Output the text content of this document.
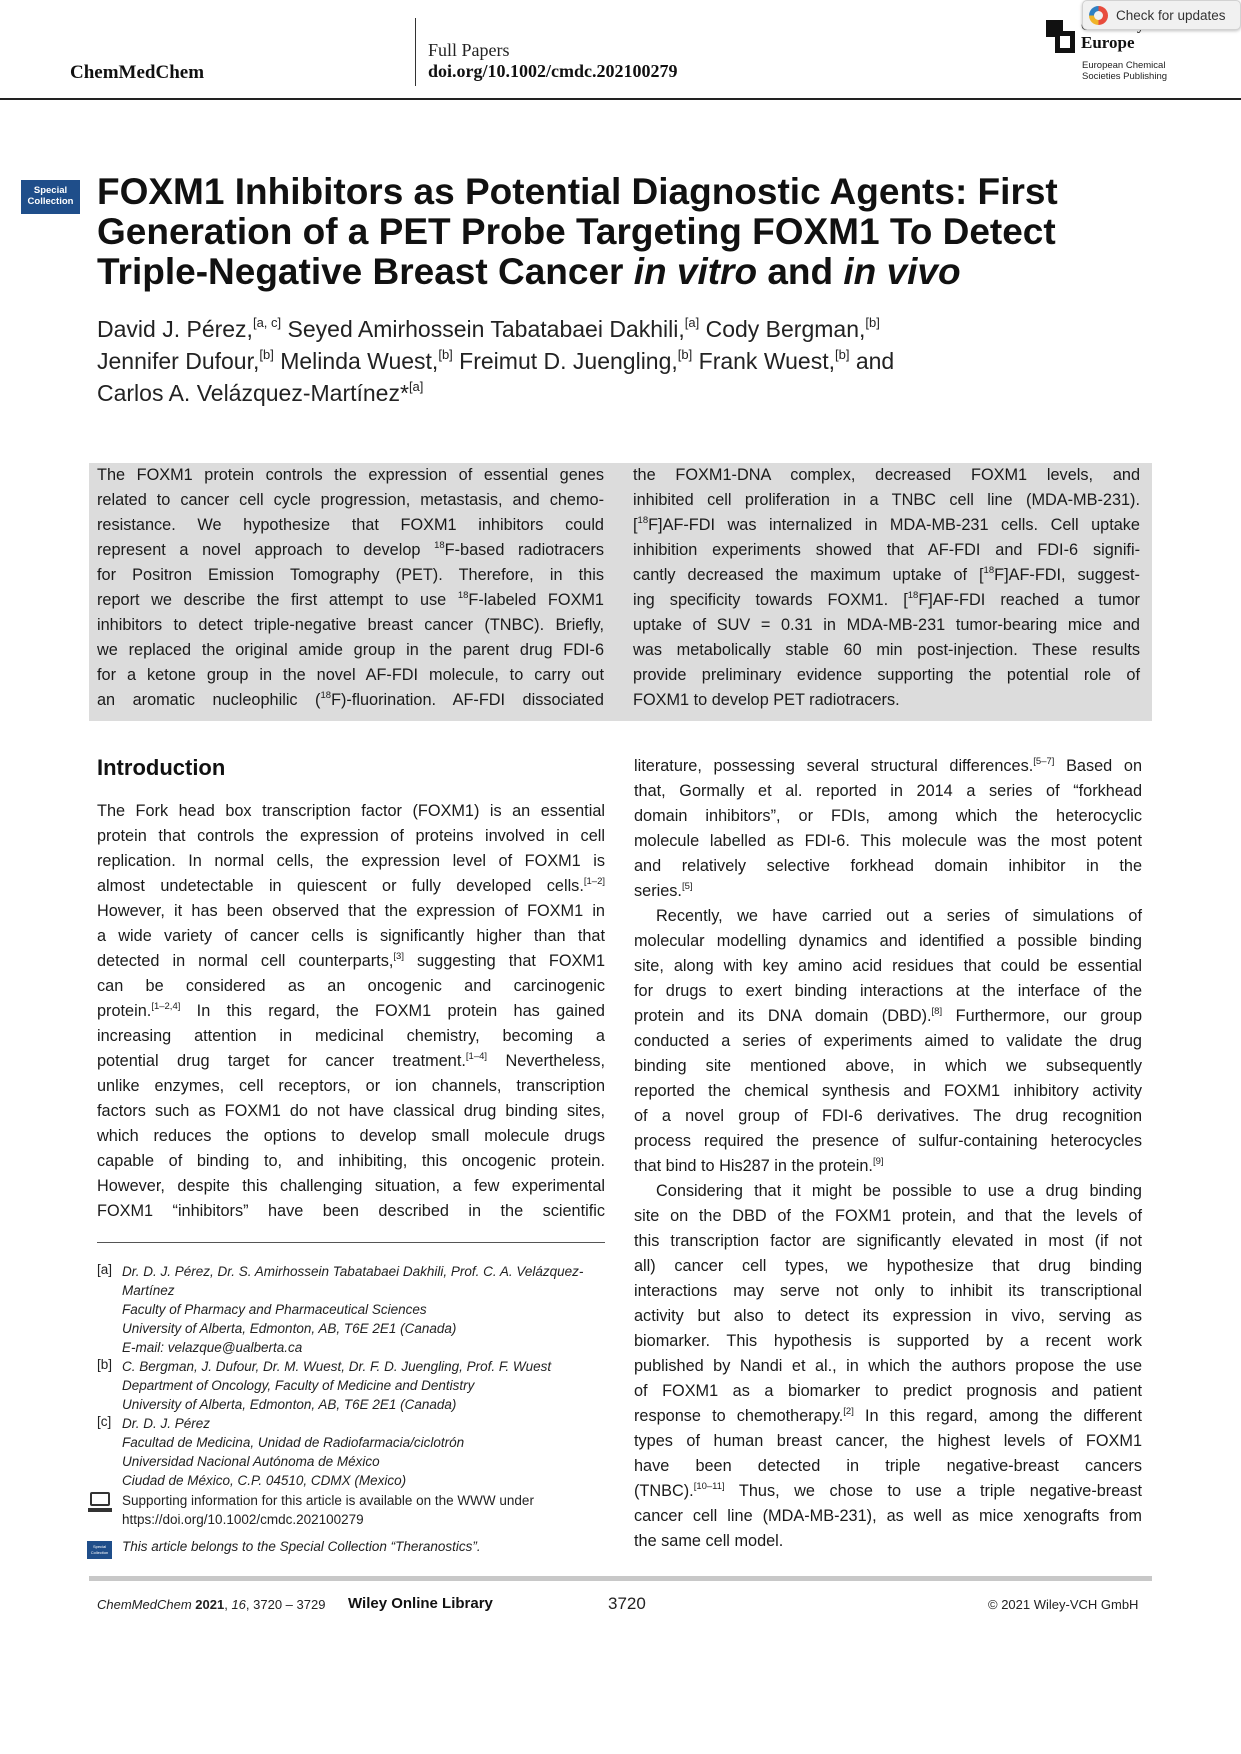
ChemMedChem
Full Papers
doi.org/10.1002/cmdc.202100279
Europe
European Chemical
Societies Publishing
Check for updates
Special
Collection FOXM1 Inhibitors as Potential Diagnostic Agents: First
Generation of a PET Probe Targeting FOXM1 To Detect
Triple-Negative Breast Cancer in vitro and in vivo
David J. Pérez,[a, c] Seyed Amirhossein Tabatabaei Dakhili,[a] Cody Bergman,[b]
Jennifer Dufour,[b] Melinda Wuest,[b] Freimut D. Juengling,[b] Frank Wuest,[b] and
Carlos A. Velázquez-Martínez*[a]
The FOXM1 protein controls the expression of essential genes
related to cancer cell cycle progression, metastasis, and chemo-
resistance. We hypothesize that FOXM1 inhibitors could
represent a novel approach to develop $^{18}$F-based radiotracers
for Positron Emission Tomography (PET). Therefore, in this
report we describe the first attempt to use $^{18}$F-labeled FOXM1
inhibitors to detect triple-negative breast cancer (TNBC). Briefly,
we replaced the original amide group in the parent drug FDI-6
for a ketone group in the novel AF-FDI molecule, to carry out
an aromatic nucleophilic ($^{18}$F)-fluorination. AF-FDI dissociated
the FOXM1-DNA complex, decreased FOXM1 levels, and
inhibited cell proliferation in a TNBC cell line (MDA-MB-231).
[$^{18}$F]AF-FDI was internalized in MDA-MB-231 cells. Cell uptake
inhibition experiments showed that AF-FDI and FDI-6 signifi-
cantly decreased the maximum uptake of [$^{18}$F]AF-FDI, suggest-
ing specificity towards FOXM1. [$^{18}$F]AF-FDI reached a tumor
uptake of SUV = 0.31 in MDA-MB-231 tumor-bearing mice and
was metabolically stable 60 min post-injection. These results
provide preliminary evidence supporting the potential role of
FOXM1 to develop PET radiotracers.
Introduction
The Fork head box transcription factor (FOXM1) is an essential
protein that controls the expression of proteins involved in cell
replication. In normal cells, the expression level of FOXM1 is
almost undetectable in quiescent or fully developed cells.[1–2]
However, it has been observed that the expression of FOXM1 in
a wide variety of cancer cells is significantly higher than that
detected in normal cell counterparts,[3] suggesting that FOXM1
can be considered as an oncogenic and carcinogenic
protein.[1–2,4] In this regard, the FOXM1 protein has gained
increasing attention in medicinal chemistry, becoming a
potential drug target for cancer treatment.[1–4] Nevertheless,
unlike enzymes, cell receptors, or ion channels, transcription
factors such as FOXM1 do not have classical drug binding sites,
which reduces the options to develop small molecule drugs
capable of binding to, and inhibiting, this oncogenic protein.
However, despite this challenging situation, a few experimental
FOXM1 “inhibitors” have been described in the scientific
literature, possessing several structural differences.[5–7] Based on
that, Gormally et al. reported in 2014 a series of “forkhead
domain inhibitors”, or FDIs, among which the heterocyclic
molecule labelled as FDI-6. This molecule was the most potent
and relatively selective forkhead domain inhibitor in the
series.[5]
Recently, we have carried out a series of simulations of
molecular modelling dynamics and identified a possible binding
site, along with key amino acid residues that could be essential
for drugs to exert binding interactions at the interface of the
protein and its DNA domain (DBD).[8] Furthermore, our group
conducted a series of experiments aimed to validate the drug
binding site mentioned above, in which we subsequently
reported the chemical synthesis and FOXM1 inhibitory activity
of a novel group of FDI-6 derivatives. The drug recognition
process required the presence of sulfur-containing heterocycles
that bind to His287 in the protein.[9]
Considering that it might be possible to use a drug binding
site on the DBD of the FOXM1 protein, and that the levels of
this transcription factor are significantly elevated in most (if not
all) cancer cell types, we hypothesize that drug binding
interactions may serve not only to inhibit its transcriptional
activity but also to detect its expression in vivo, serving as
biomarker. This hypothesis is supported by a recent work
published by Nandi et al., in which the authors propose the use
of FOXM1 as a biomarker to predict prognosis and patient
response to chemotherapy.[2] In this regard, among the different
types of human breast cancer, the highest levels of FOXM1
have been detected in triple negative-breast cancers
(TNBC).[10–11] Thus, we chose to use a triple negative-breast
cancer cell line (MDA-MB-231), as well as mice xenografts from
the same cell model.
[a] Dr. D. J. Pérez, Dr. S. Amirhossein Tabatabaei Dakhili, Prof. C. A. Velázquez-
Martínez
Faculty of Pharmacy and Pharmaceutical Sciences
University of Alberta, Edmonton, AB, T6E 2E1 (Canada)
E-mail: velazque@ualberta.ca
[b] C. Bergman, J. Dufour, Dr. M. Wuest, Dr. F. D. Juengling, Prof. F. Wuest
Department of Oncology, Faculty of Medicine and Dentistry
University of Alberta, Edmonton, AB, T6E 2E1 (Canada)
[c] Dr. D. J. Pérez
Facultad de Medicina, Unidad de Radiofarmacia/ciclotrón
Universidad Nacional Autónoma de México
Ciudad de México, C.P. 04510, CDMX (Mexico)
Supporting information for this article is available on the WWW under
https://doi.org/10.1002/cmdc.202100279
Special Collection This article belongs to the Special Collection “Theranostics”.
ChemMedChem 2021, 16, 3720 – 3729 Wiley Online Library	3720	© 2021 Wiley-VCH GmbH
